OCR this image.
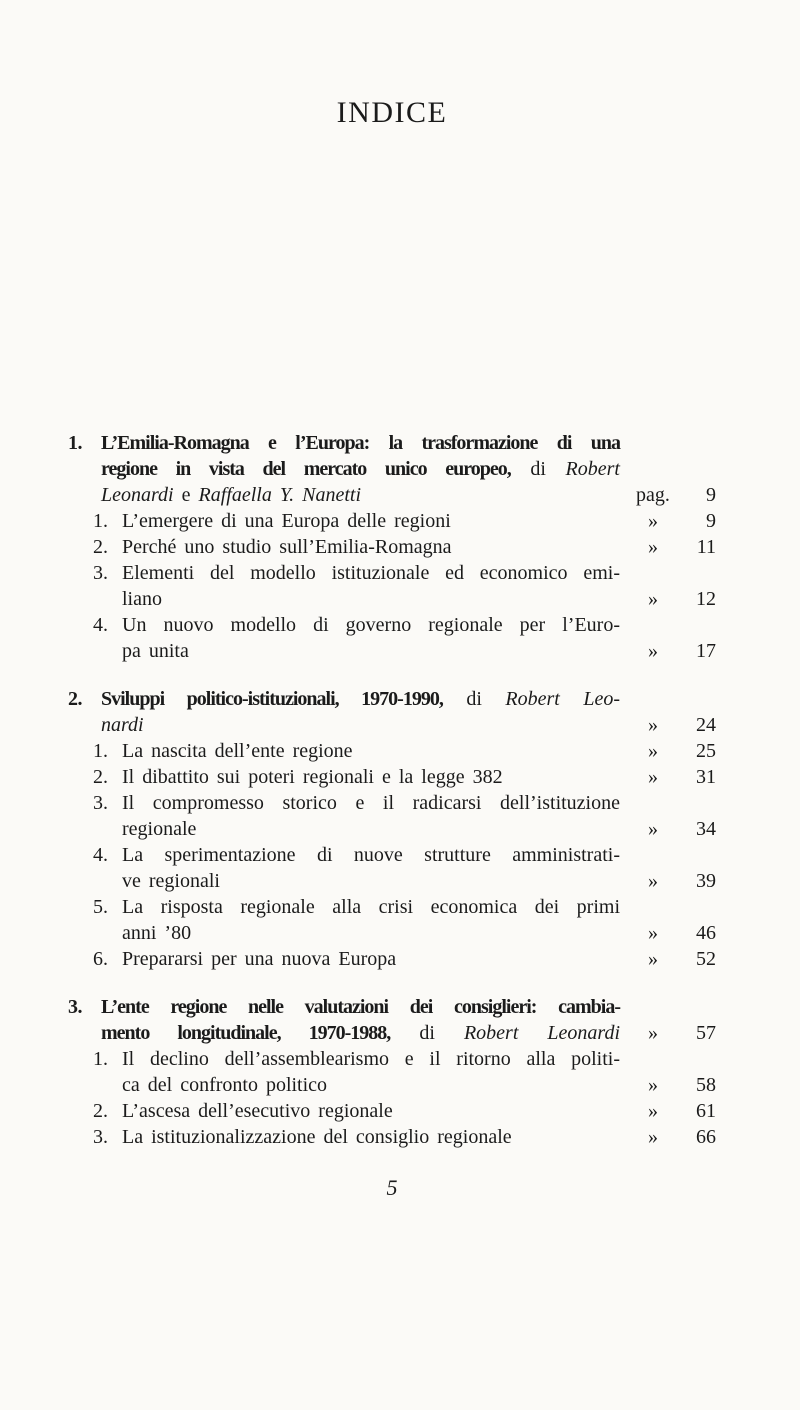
INDICE
1. L’Emilia-Romagna e l’Europa: la trasformazione di una
regione in vista del mercato unico europeo, di Robert
Leonardi e Raffaella Y. Nanetti	pag.	9
1. L’emergere di una Europa delle regioni	»	9
2. Perché uno studio sull’Emilia-Romagna	»	11
3. Elementi del modello istituzionale ed economico emi-
liano	»	12
4. Un nuovo modello di governo regionale per l’Euro-
pa unita	»	17
2. Sviluppi politico-istituzionali, 1970-1990, di Robert Leo-
nardi	»	24
1. La nascita dell’ente regione	»	25
2. Il dibattito sui poteri regionali e la legge 382	»	31
3. Il compromesso storico e il radicarsi dell’istituzione
regionale	»	34
4. La sperimentazione di nuove strutture amministrati-
ve regionali	»	39
5. La risposta regionale alla crisi economica dei primi
anni ’80	»	46
6. Prepararsi per una nuova Europa	»	52
3. L’ente regione nelle valutazioni dei consiglieri: cambia-
mento longitudinale, 1970-1988, di Robert Leonardi	»	57
1. Il declino dell’assemblearismo e il ritorno alla politi-
ca del confronto politico	»	58
2. L’ascesa dell’esecutivo regionale	»	61
3. La istituzionalizzazione del consiglio regionale	»	66
5
